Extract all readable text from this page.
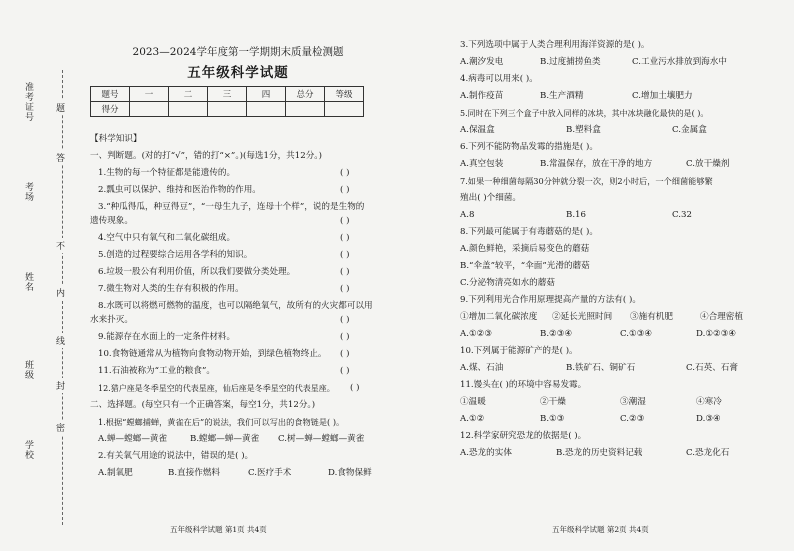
准考证号
考场
姓名
班级
学校
题
答
不
内
线
封
密
2023—2024学年度第一学期期末质量检测题
五年级科学试题
题号	一	二	三	四	总分	等级
得分						
【科学知识】
一、判断题。(对的打“√”，错的打“×”。)(每选1分，共12分。)
1.生物的每一个特征都是能遗传的。	( )
2.瓢虫可以保护、维持和医治作物的作用。	( )
3.“种瓜得瓜，种豆得豆”，“一母生九子，连母十个样”，说的是生物的
( )
遗传现象。
4.空气中只有氧气和二氧化碳组成。	( )
5.创造的过程要综合运用各学科的知识。	( )
6.垃圾一股公有利用价值，所以我们要做分类处理。	( )
7.微生物对人类的生存有积极的作用。	( )
8.水既可以将燃可燃物的温度，也可以隔绝氧气，故所有的火灾都可以用
( )
水来扑灭。
9.能源存在水面上的一定条件材料。	( )
10.食物链通常从为植物向食物动物开始，到绿色植物终止。 ( )
11.石油被称为“工业的粮食”。	( )
12.猎户座是冬季星空的代表星座，仙后座是冬季星空的代表星座。 ( )
二、选择题。(每空只有一个正确答案，每空1分，共12分。)
1.根据“螳螂捕蝉，黄雀在后”的说法，我们可以写出的食物链是( )。
A.蝉—螳螂—黄雀	B.螳螂—蝉—黄雀 C.树—蝉—螳螂—黄雀
2.有关氧气用途的说法中，错误的是( )。
A.制氧肥	B.直接作燃料	C.医疗手术	D.食物保鲜
五年级科学试题 第1页 共4页
3.下列选项中属于人类合理利用海洋资源的是( )。
A.潮汐发电	B.过度捕捞鱼类	C.工业污水排放到海水中
4.病毒可以用来( )。
A.制作疫苗	B.生产酒精	C.增加土壤肥力
5.同时在下列三个盒子中放入同样的冰块，其中冰块融化最快的是( )。
A.保温盒	B.塑料盒	C.金属盒
6.下列不能防物品发霉的措施是( )。
A.真空包装	B.常温保存，放在干净的地方	C.放干燥剂
7.如果一种细菌每隔30分钟就分裂一次，则2小时后，一个细菌能够繁
殖出( )个细菌。
A.8	B.16	C.32
8.下列最可能属于有毒蘑菇的是( )。
A.颜色鲜艳，采摘后易变色的蘑菇
B.“伞盖”较平，“伞面”光滑的蘑菇
C.分泌物清亮如水的蘑菇
9.下列利用光合作用原理提高产量的方法有( )。
①增加二氧化碳浓度 ②延长光照时间 ③施有机肥	④合理密植
A.①②③	B.②③④	C.①③④	D.①②③④
10.下列属于能源矿产的是( )。
A.煤、石油	B.铁矿石、铜矿石	C.石英、石膏
11.馒头在( )的环境中容易发霉。
①温暖	②干燥	③潮湿	④寒冷
A.①②	B.①③	C.②③	D.③④
12.科学家研究恐龙的依据是( )。
A.恐龙的实体	B.恐龙的历史资料记载	C.恐龙化石
五年级科学试题 第2页 共4页
